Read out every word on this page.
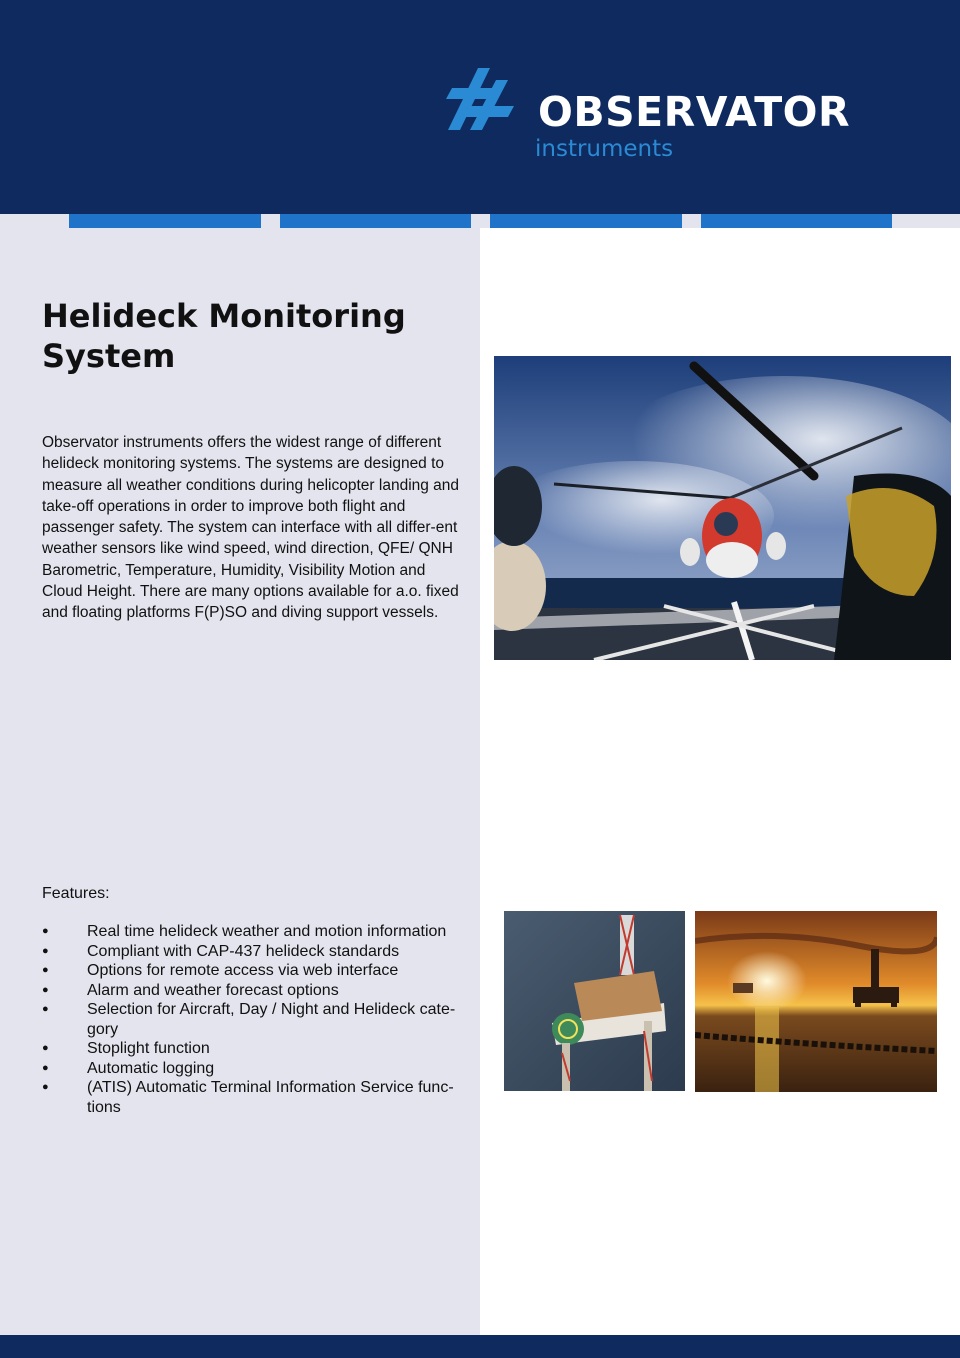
OBSERVATOR
instruments
Helideck Monitoring
System

Observator instruments offers the widest range of different helideck monitoring systems. The systems are designed to measure all weather conditions during helicopter landing and take-off operations in order to improve both flight and passenger safety. The system can interface with all differ-ent weather sensors like wind speed, wind direction, QFE/ QNH Barometric, Temperature, Humidity, Visibility Motion and Cloud Height. There are many options available for a.o. fixed and floating platforms F(P)SO and diving support vessels.

Features:
● Real time helideck weather and motion information
● Compliant with CAP-437 helideck standards
● Options for remote access via web interface
● Alarm and weather forecast options
● Selection for Aircraft, Day / Night and Helideck cate-gory
● Stoplight function
● Automatic logging
● (ATIS) Automatic Terminal Information Service func-tions
